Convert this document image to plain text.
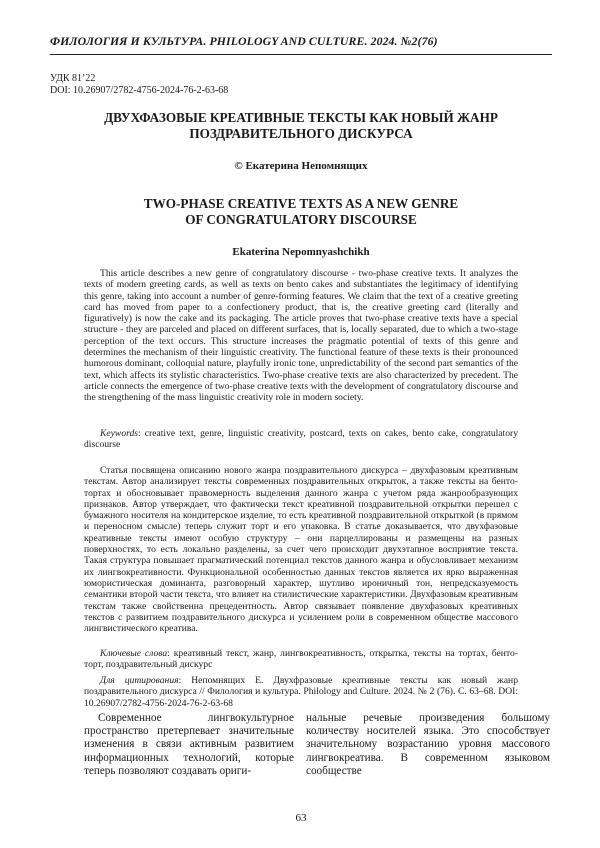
ФИЛОЛОГИЯ И КУЛЬТУРА. PHILOLOGY AND CULTURE. 2024. №2(76)
УДК 81’22
DOI: 10.26907/2782-4756-2024-76-2-63-68
ДВУХФАЗОВЫЕ КРЕАТИВНЫЕ ТЕКСТЫ КАК НОВЫЙ ЖАНР
ПОЗДРАВИТЕЛЬНОГО ДИСКУРСА
© Екатерина Непомнящих
TWO-PHASE CREATIVE TEXTS AS A NEW GENRE
OF CONGRATULATORY DISCOURSE
Ekaterina Nepomnyashchikh
This article describes a new genre of congratulatory discourse - two-phase creative texts. It analyzes the texts of modern greeting cards, as well as texts on bento cakes and substantiates the legitimacy of identifying this genre, taking into account a number of genre-forming features. We claim that the text of a creative greeting card has moved from paper to a confectionery product, that is, the creative greeting card (literally and figuratively) is now the cake and its packaging. The article proves that two-phase creative texts have a special structure - they are parceled and placed on different surfaces, that is, locally separated, due to which a two-stage perception of the text occurs. This structure increases the pragmatic potential of texts of this genre and determines the mechanism of their linguistic creativity. The functional feature of these texts is their pronounced humorous dominant, colloquial nature, playfully ironic tone, unpredictability of the second part semantics of the text, which affects its stylistic characteristics. Two-phase creative texts are also characterized by precedent. The article connects the emergence of two-phase creative texts with the development of congratulatory discourse and the strengthening of the mass linguistic creativity role in modern society.
Keywords: creative text, genre, linguistic creativity, postcard, texts on cakes, bento cake, congratulatory discourse
Статья посвящена описанию нового жанра поздравительного дискурса – двухфазовым креативным текстам. Автор анализирует тексты современных поздравительных открыток, а также тексты на бенто-тортах и обосновывает правомерность выделения данного жанра с учетом ряда жанрообразующих признаков. Автор утверждает, что фактически текст креативной поздравительной открытки перешел с бумажного носителя на кондитерское изделие, то есть креативной поздравительной открыткой (в прямом и переносном смысле) теперь служит торт и его упаковка. В статье доказывается, что двухфазовые креативные тексты имеют особую структуру – они парцеллированы и размещены на разных поверхностях, то есть локально разделены, за счет чего происходит двухэтапное восприятие текста. Такая структура повышает прагматический потенциал текстов данного жанра и обусловливает механизм их лингвокреативности. Функциональной особенностью данных текстов является их ярко выраженная юмористическая доминанта, разговорный характер, шутливо ироничный тон, непредсказуемость семантики второй части текста, что влияет на стилистические характеристики. Двухфазовым креативным текстам также свойственна прецедентность. Автор связывает появление двухфазовых креативных текстов с развитием поздравительного дискурса и усилением роли в современном обществе массового лингвистического креатива.
Ключевые слова: креативный текст, жанр, лингвокреативность, открытка, тексты на тортах, бенто-торт, поздравительный дискурс
Для цитирования: Непомнящих Е. Двухфразовые креативные тексты как новый жанр поздравительного дискурса // Филология и культура. Philology and Culture. 2024. № 2 (76). С. 63–68. DOI: 10.26907/2782-4756-2024-76-2-63-68
Современное лингвокультурное пространство претерпевает значительные изменения в связи активным развитием информационных технологий, которые теперь позволяют создавать ориги-
нальные речевые произведения большому количеству носителей языка. Это способствует значительному возрастанию уровня массового лингвокреатива. В современном языковом сообществе
63
